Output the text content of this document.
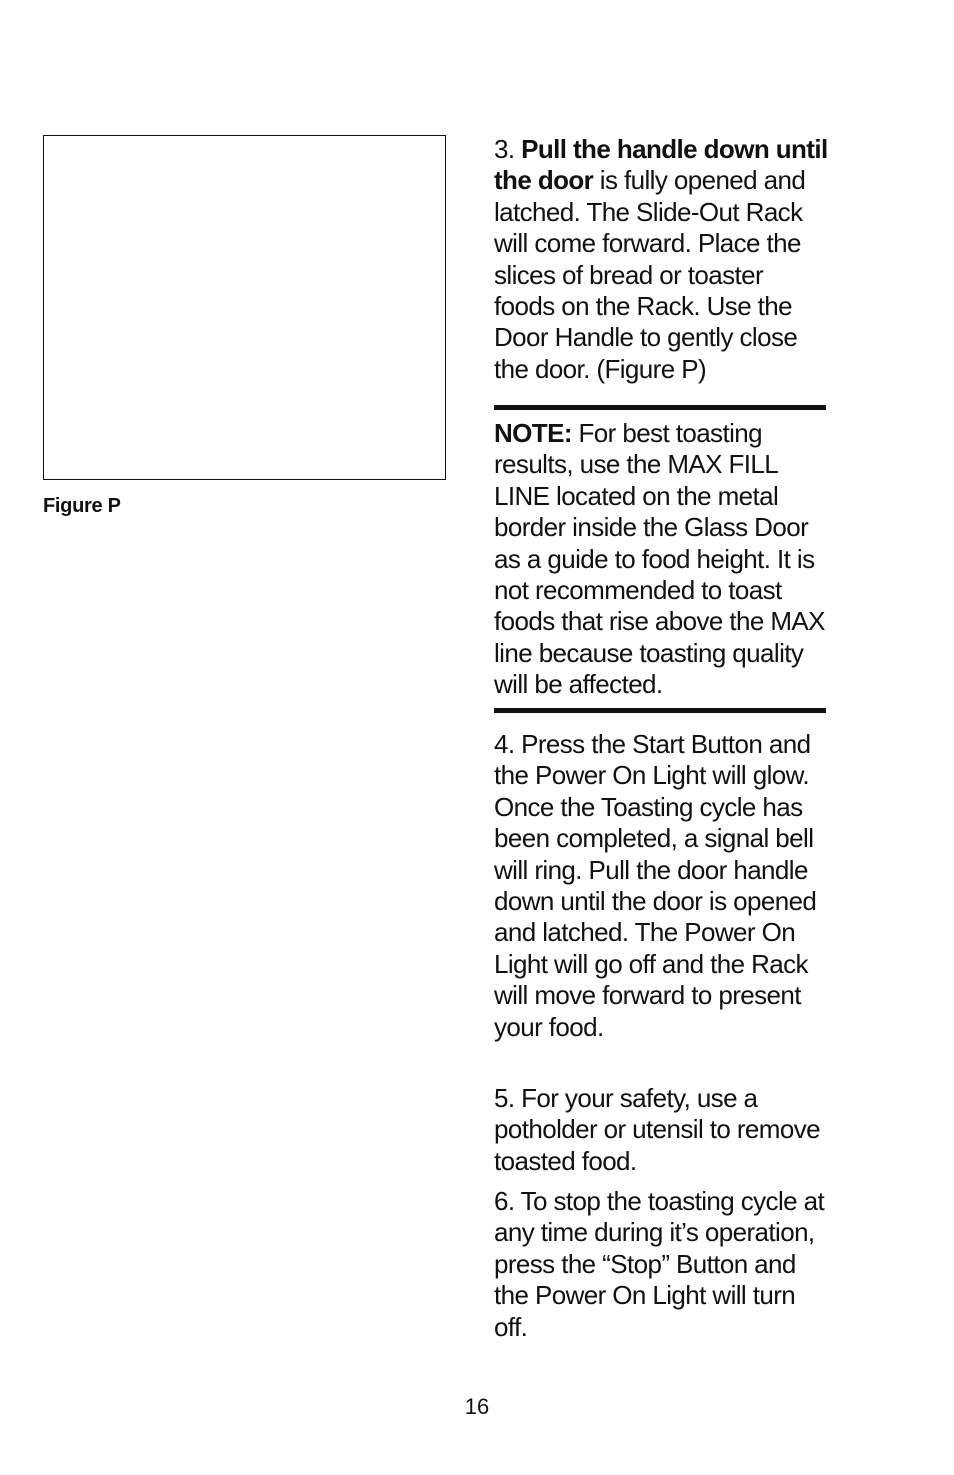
Figure P
3. Pull the handle down until the door is fully opened and latched. The Slide-Out Rack will come forward. Place the slices of bread or toaster foods on the Rack. Use the Door Handle to gently close the door. (Figure P)
NOTE: For best toasting results, use the MAX FILL LINE located on the metal border inside the Glass Door as a guide to food height. It is not recommended to toast foods that rise above the MAX line because toasting quality will be affected.
4. Press the Start Button and the Power On Light will glow. Once the Toasting cycle has been completed, a signal bell will ring. Pull the door handle down until the door is opened and latched. The Power On Light will go off and the Rack will move forward to present your food.
5. For your safety, use a potholder or utensil to remove toasted food.
6. To stop the toasting cycle at any time during it’s operation, press the “Stop” Button and the Power On Light will turn off.
16
